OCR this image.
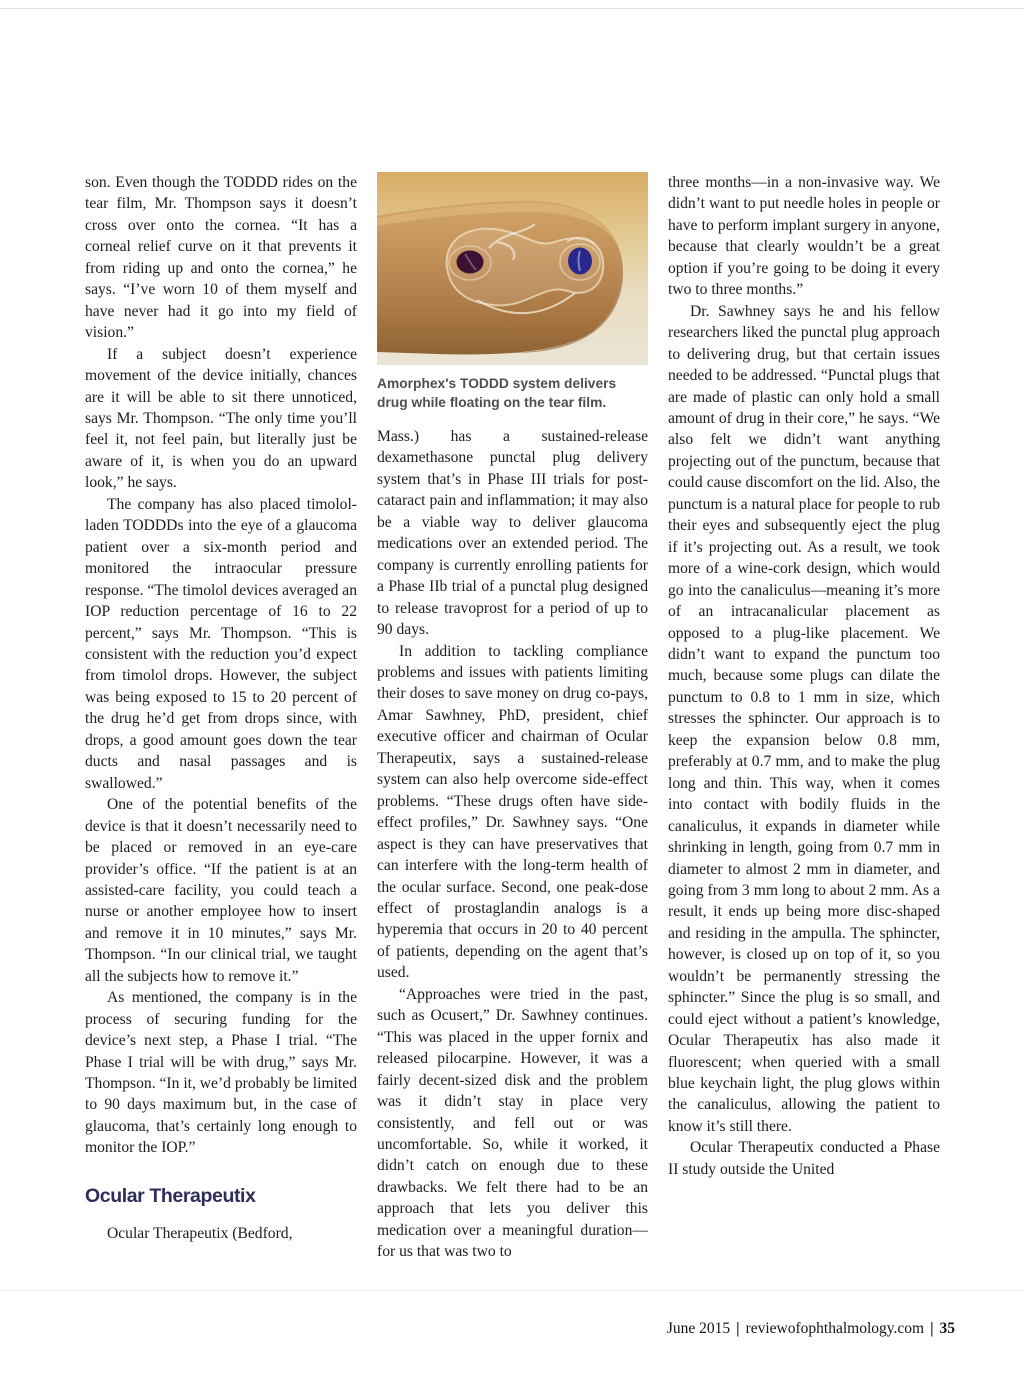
son. Even though the TODDD rides on the tear film, Mr. Thompson says it doesn’t cross over onto the cornea. “It has a corneal relief curve on it that prevents it from riding up and onto the cornea,” he says. “I’ve worn 10 of them myself and have never had it go into my field of vision.”

If a subject doesn’t experience movement of the device initially, chances are it will be able to sit there unnoticed, says Mr. Thompson. “The only time you’ll feel it, not feel pain, but literally just be aware of it, is when you do an upward look,” he says.

The company has also placed timolol-laden TODDDs into the eye of a glaucoma patient over a six-month period and monitored the intraocular pressure response. “The timolol devices averaged an IOP reduction percentage of 16 to 22 percent,” says Mr. Thompson. “This is consistent with the reduction you’d expect from timolol drops. However, the subject was being exposed to 15 to 20 percent of the drug he’d get from drops since, with drops, a good amount goes down the tear ducts and nasal passages and is swallowed.”

One of the potential benefits of the device is that it doesn’t necessarily need to be placed or removed in an eye-care provider’s office. “If the patient is at an assisted-care facility, you could teach a nurse or another employee how to insert and remove it in 10 minutes,” says Mr. Thompson. “In our clinical trial, we taught all the subjects how to remove it.”

As mentioned, the company is in the process of securing funding for the device’s next step, a Phase I trial. “The Phase I trial will be with drug,” says Mr. Thompson. “In it, we’d probably be limited to 90 days maximum but, in the case of glaucoma, that’s certainly long enough to monitor the IOP.”

Ocular Therapeutix

Ocular Therapeutix (Bedford,

Amorphex's TODDD system delivers drug while floating on the tear film.

Mass.) has a sustained-release dexamethasone punctal plug delivery system that’s in Phase III trials for post-cataract pain and inflammation; it may also be a viable way to deliver glaucoma medications over an extended period. The company is currently enrolling patients for a Phase IIb trial of a punctal plug designed to release travoprost for a period of up to 90 days.

In addition to tackling compliance problems and issues with patients limiting their doses to save money on drug co-pays, Amar Sawhney, PhD, president, chief executive officer and chairman of Ocular Therapeutix, says a sustained-release system can also help overcome side-effect problems. “These drugs often have side-effect profiles,” Dr. Sawhney says. “One aspect is they can have preservatives that can interfere with the long-term health of the ocular surface. Second, one peak-dose effect of prostaglandin analogs is a hyperemia that occurs in 20 to 40 percent of patients, depending on the agent that’s used.

“Approaches were tried in the past, such as Ocusert,” Dr. Sawhney continues. “This was placed in the upper fornix and released pilocarpine. However, it was a fairly decent-sized disk and the problem was it didn’t stay in place very consistently, and fell out or was uncomfortable. So, while it worked, it didn’t catch on enough due to these drawbacks. We felt there had to be an approach that lets you deliver this medication over a meaningful duration—for us that was two to

three months—in a non-invasive way. We didn’t want to put needle holes in people or have to perform implant surgery in anyone, because that clearly wouldn’t be a great option if you’re going to be doing it every two to three months.”

Dr. Sawhney says he and his fellow researchers liked the punctal plug approach to delivering drug, but that certain issues needed to be addressed. “Punctal plugs that are made of plastic can only hold a small amount of drug in their core,” he says. “We also felt we didn’t want anything projecting out of the punctum, because that could cause discomfort on the lid. Also, the punctum is a natural place for people to rub their eyes and subsequently eject the plug if it’s projecting out. As a result, we took more of a wine-cork design, which would go into the canaliculus—meaning it’s more of an intracanalicular placement as opposed to a plug-like placement. We didn’t want to expand the punctum too much, because some plugs can dilate the punctum to 0.8 to 1 mm in size, which stresses the sphincter. Our approach is to keep the expansion below 0.8 mm, preferably at 0.7 mm, and to make the plug long and thin. This way, when it comes into contact with bodily fluids in the canaliculus, it expands in diameter while shrinking in length, going from 0.7 mm in diameter to almost 2 mm in diameter, and going from 3 mm long to about 2 mm. As a result, it ends up being more disc-shaped and residing in the ampulla. The sphincter, however, is closed up on top of it, so you wouldn’t be permanently stressing the sphincter.” Since the plug is so small, and could eject without a patient’s knowledge, Ocular Therapeutix has also made it fluorescent; when queried with a small blue keychain light, the plug glows within the canaliculus, allowing the patient to know it’s still there.

Ocular Therapeutix conducted a Phase II study outside the United

June 2015 | reviewofophthalmology.com | 35
